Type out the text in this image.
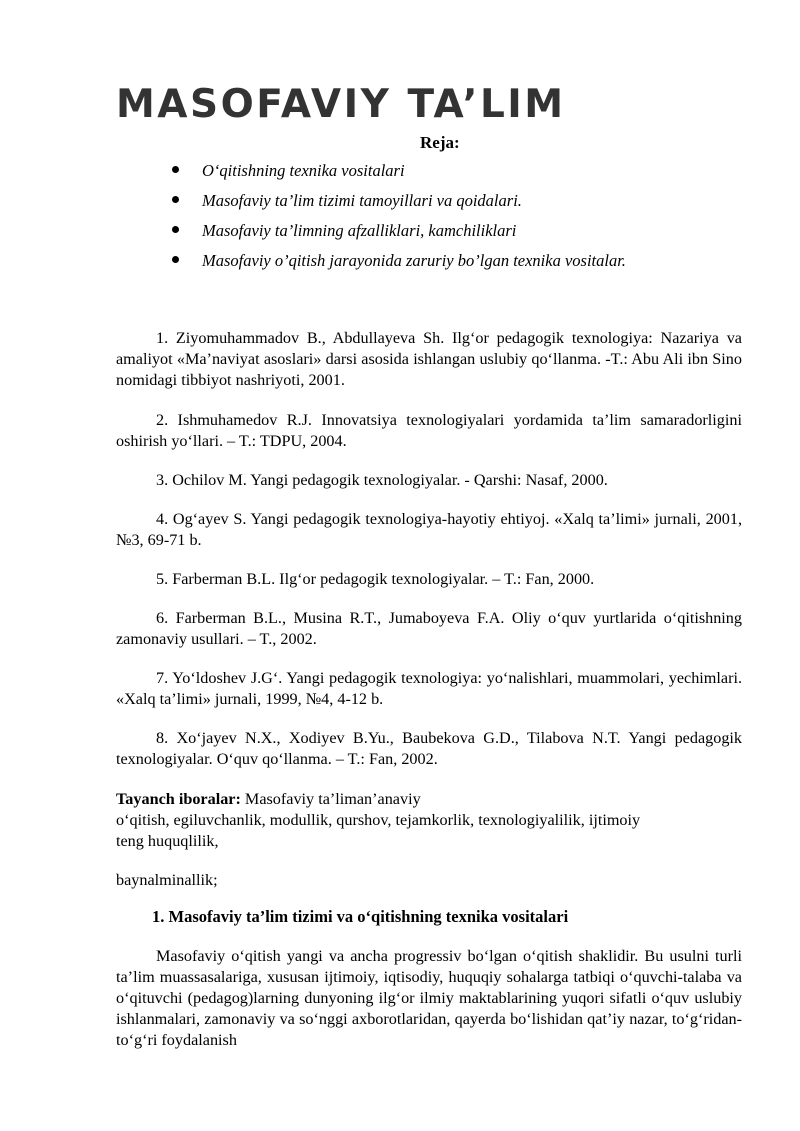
MASOFAVIY TA’LIM
Reja:
O‘qitishning texnika vositalari
Masofaviy ta’lim tizimi tamoyillari va qoidalari.
Masofaviy ta’limning afzalliklari, kamchiliklari
Masofaviy o’qitish jarayonida zaruriy bo’lgan texnika vositalar.

1. Ziyomuhammadov B., Abdullayeva Sh. Ilg‘or pedagogik texnologiya: Nazariya va amaliyot «Ma’naviyat asoslari» darsi asosida ishlangan uslubiy qo‘llanma. -T.: Abu Ali ibn Sino nomidagi tibbiyot nashriyoti, 2001.

2. Ishmuhamedov R.J. Innovatsiya texnologiyalari yordamida ta’lim samaradorligini oshirish yo‘llari. – T.: TDPU, 2004.

3. Ochilov M. Yangi pedagogik texnologiyalar. - Qarshi: Nasaf, 2000.

4. Og‘ayev S. Yangi pedagogik texnologiya-hayotiy ehtiyoj. «Xalq ta’limi» jurnali, 2001, №3, 69-71 b.

5. Farberman B.L. Ilg‘or pedagogik texnologiyalar. – T.: Fan, 2000.

6. Farberman B.L., Musina R.T., Jumaboyeva F.A. Oliy o‘quv yurtlarida o‘qitishning zamonaviy usullari. – T., 2002.

7. Yo‘ldoshev J.G‘. Yangi pedagogik texnologiya: yo‘nalishlari, muammolari, yechimlari. «Xalq ta’limi» jurnali, 1999, №4, 4-12 b.

8. Xo‘jayev N.X., Xodiyev B.Yu., Baubekova G.D., Tilabova N.T. Yangi pedagogik texnologiyalar. O‘quv qo‘llanma. – T.: Fan, 2002.

Tayanch iboralar: Masofaviy ta’liman’anaviy
o‘qitish, egiluvchanlik, modullik, qurshov, tejamkorlik, texnologiyalilik, ijtimoiy
teng huquqlilik,
baynalminallik;
1. Masofaviy ta’lim tizimi va o‘qitishning texnika vositalari

Masofaviy o‘qitish yangi va ancha progressiv bo‘lgan o‘qitish shaklidir. Bu usulni turli ta’lim muassasalariga, xususan ijtimoiy, iqtisodiy, huquqiy sohalarga tatbiqi o‘quvchi-talaba va o‘qituvchi (pedagog)larning dunyoning ilg‘or ilmiy maktablarining yuqori sifatli o‘quv uslubiy ishlanmalari, zamonaviy va so‘nggi axborotlaridan, qayerda bo‘lishidan qat’iy nazar, to‘g‘ridan-to‘g‘ri foydalanish
